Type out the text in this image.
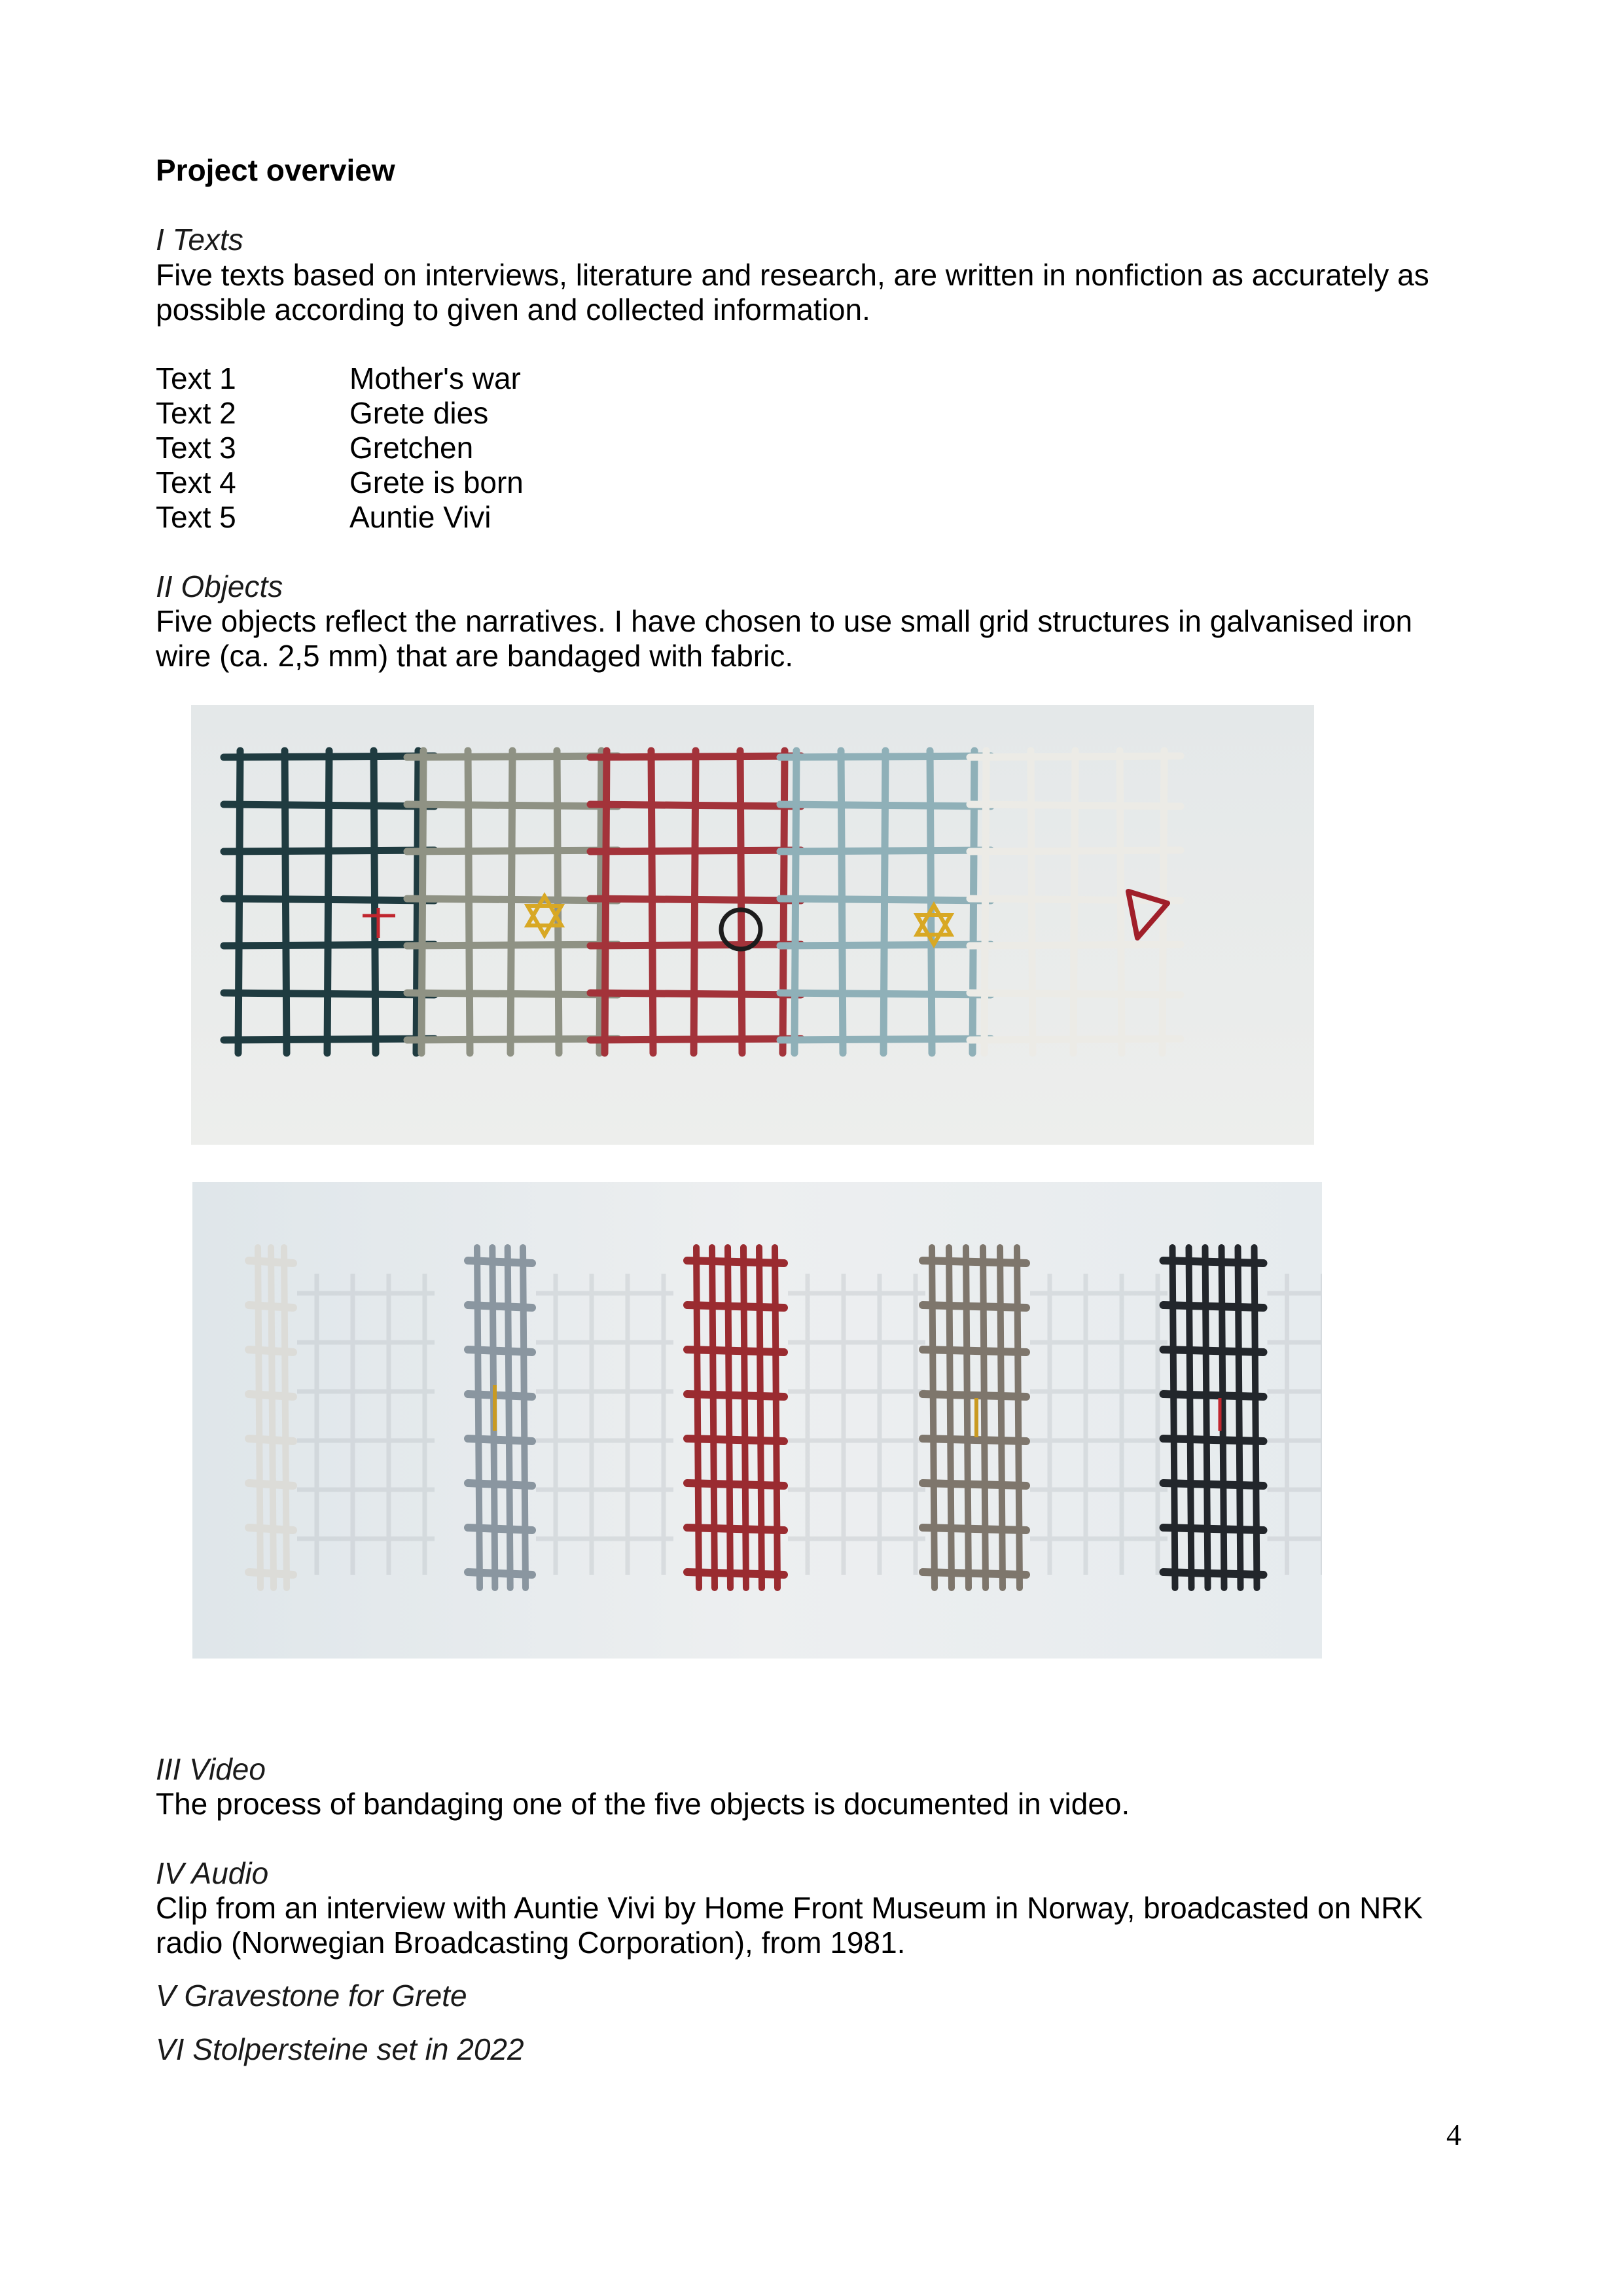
Project overview
I Texts
Five texts based on interviews, literature and research, are written in nonfiction as accurately as possible according to given and collected information.
Text 1	Mother's war
Text 2	Grete dies
Text 3	Gretchen
Text 4	Grete is born
Text 5	Auntie Vivi
II Objects
Five objects reflect the narratives. I have chosen to use small grid structures in galvanised iron wire (ca. 2,5 mm) that are bandaged with fabric.
III Video
The process of bandaging one of the five objects is documented in video.
IV Audio
Clip from an interview with Auntie Vivi by Home Front Museum in Norway, broadcasted on NRK radio (Norwegian Broadcasting Corporation), from 1981.
V Gravestone for Grete
VI Stolpersteine set in 2022
4
